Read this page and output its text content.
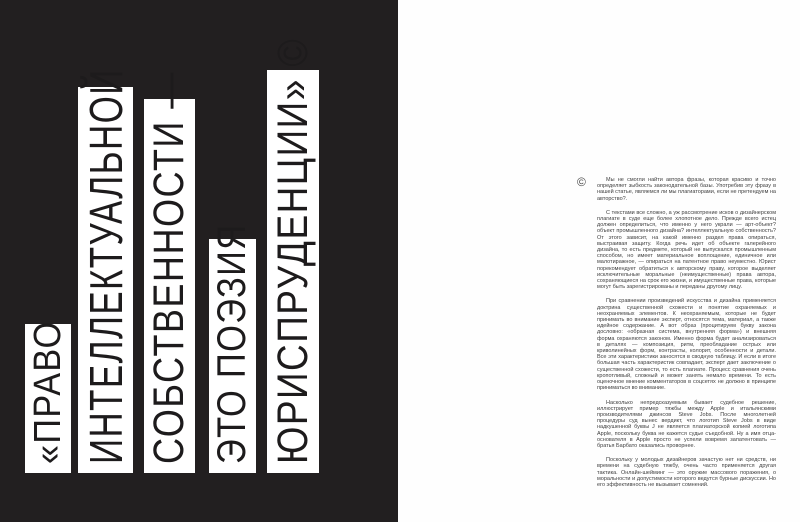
«ПРАВО ИНТЕЛЛЕКТУАЛЬНОЙ СОБСТВЕННОСТИ — ЭТО ПОЭЗИЯ ЮРИСПРУДЕНЦИИ» ©	©	Мы не смогли найти автора фразы, которая красиво и точно определяет зыбкость законодательной базы. Употребив эту фразу в нашей статье, являемся ли мы плагиаторами, если не претендуем на авторство?.

С текстами все сложно, а уж рассмотрение исков о дизайнерском плагиате в суде еще более хлопотное дело. Прежде всего истец должен определиться, что именно у него украли — арт-объект? объект промышленного дизайна? интеллектуальную собственность? От этого зависит, на какой именно раздел права опираться, выстраивая защиту. Когда речь идет об объекте галерейного дизайна, то есть предмете, который не выпускался промышленным способом, но имеет материальное воплощение, единичное или малотиражное, — опираться на патентное право неуместно. Юрист порекомендует обратиться к авторскому праву, которое выделяет исключительные моральные (неимущественные) права автора, сохраняющиеся на срок его жизни, и имущественные права, которые могут быть зарегистрированы и переданы другому лицу.

При сравнении произведений искусства и дизайна применяется доктрина существенной схожести и понятие охраняемых и неохраняемых элементов. К неохраняемым, которые не будет принимать во внимание эксперт, относятся тема, материал, а также идейное содержание. А вот образ (процитируем букву закона дословно: «образная система, внутренняя форма») и внешняя форма охраняются законом. Именно форма будет анализироваться в деталях — композиция, ритм, преобладание острых или криволинейных форм, контрасты, колорит, особенности и детали. Все эти характеристики заносятся в сводную таблицу. И если в итоге большая часть характеристик совпадает, эксперт дает заключение о существенной схожести, то есть плагиате. Процесс сравнения очень кропотливый, сложный и может занять немало времени. То есть оценочное мнение комментаторов в соцсетях не должно в принципе приниматься во внимание.

Насколько непредсказуемым бывает судебное решение, иллюстрирует пример тяжбы между Apple и итальянскими производителями джинсов Steve Jobs. После многолетней процедуры суд вынес вердикт, что логотип Steve Jobs в виде надкушенной буквы J не является плагиаторской копией логотипа Apple, поскольку буква не кажется судье съедобной. Ну а имя отца-основателя в Apple просто не успели вовремя запатентовать — братья Барбато оказались проворнее.

Поскольку у молодых дизайнеров зачастую нет ни средств, ни времени на судебную тяжбу, очень часто применяется другая тактика. Онлайн-шейминг — это оружие массового поражения, о моральности и допустимости которого ведутся бурные дискуссии. Но его эффективность не вызывает сомнений.
